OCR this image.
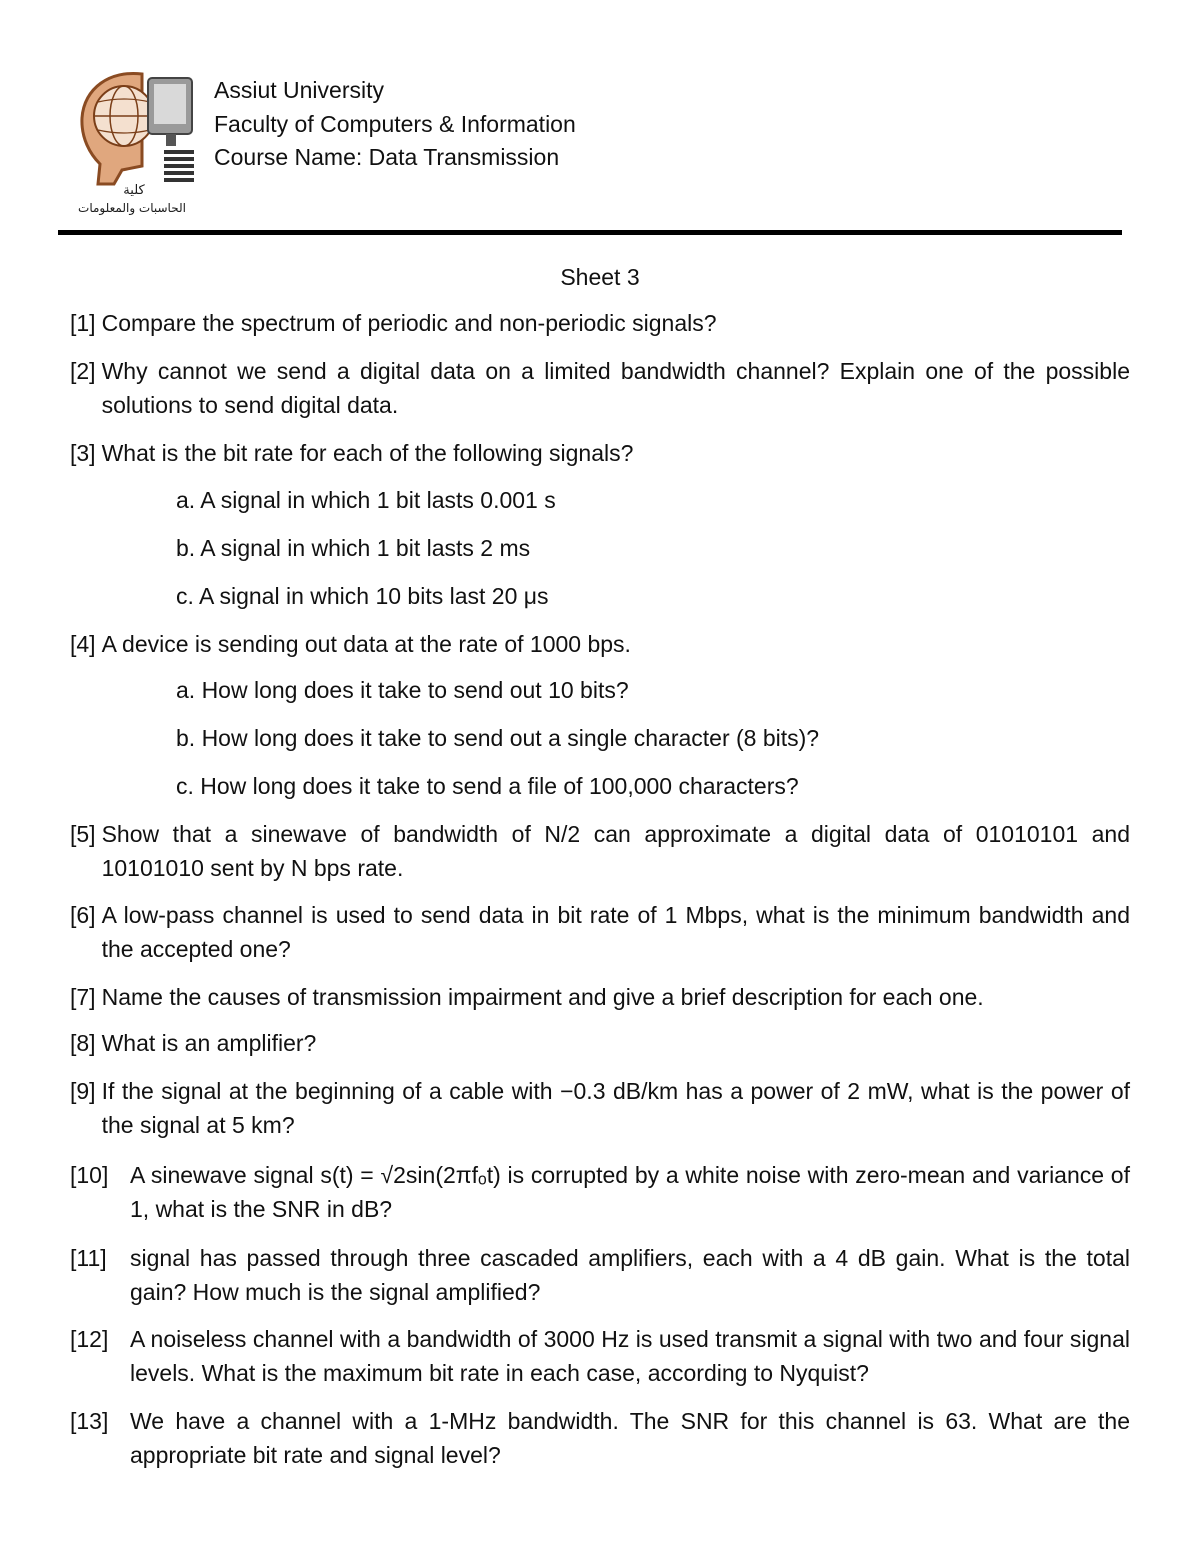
كلية
الحاسبات والمعلومات
Assiut University
Faculty of Computers & Information
Course Name: Data Transmission
Sheet 3
[1] Compare the spectrum of periodic and non-periodic signals?
[2] Why cannot we send a digital data on a limited bandwidth channel? Explain one of the possible solutions to send digital data.
[3] What is the bit rate for each of the following signals?
a. A signal in which 1 bit lasts 0.001 s
b. A signal in which 1 bit lasts 2 ms
c. A signal in which 10 bits last 20 μs
[4] A device is sending out data at the rate of 1000 bps.
a. How long does it take to send out 10 bits?
b. How long does it take to send out a single character (8 bits)?
c. How long does it take to send a file of 100,000 characters?
[5] Show that a sinewave of bandwidth of N/2 can approximate a digital data of 01010101 and 10101010 sent by N bps rate.
[6] A low-pass channel is used to send data in bit rate of 1 Mbps, what is the minimum bandwidth and the accepted one?
[7] Name the causes of transmission impairment and give a brief description for each one.
[8] What is an amplifier?
[9] If the signal at the beginning of a cable with −0.3 dB/km has a power of 2 mW, what is the power of the signal at 5 km?
[10] A sinewave signal s(t) = √2sin(2πfₒt) is corrupted by a white noise with zero-mean and variance of 1, what is the SNR in dB?
[11]	signal has passed through three cascaded amplifiers, each with a 4 dB gain. What is the total gain? How much is the signal amplified?
[12] A noiseless channel with a bandwidth of 3000 Hz is used transmit a signal with two and four signal levels. What is the maximum bit rate in each case, according to Nyquist?
[13] We have a channel with a 1-MHz bandwidth. The SNR for this channel is 63. What are the appropriate bit rate and signal level?
